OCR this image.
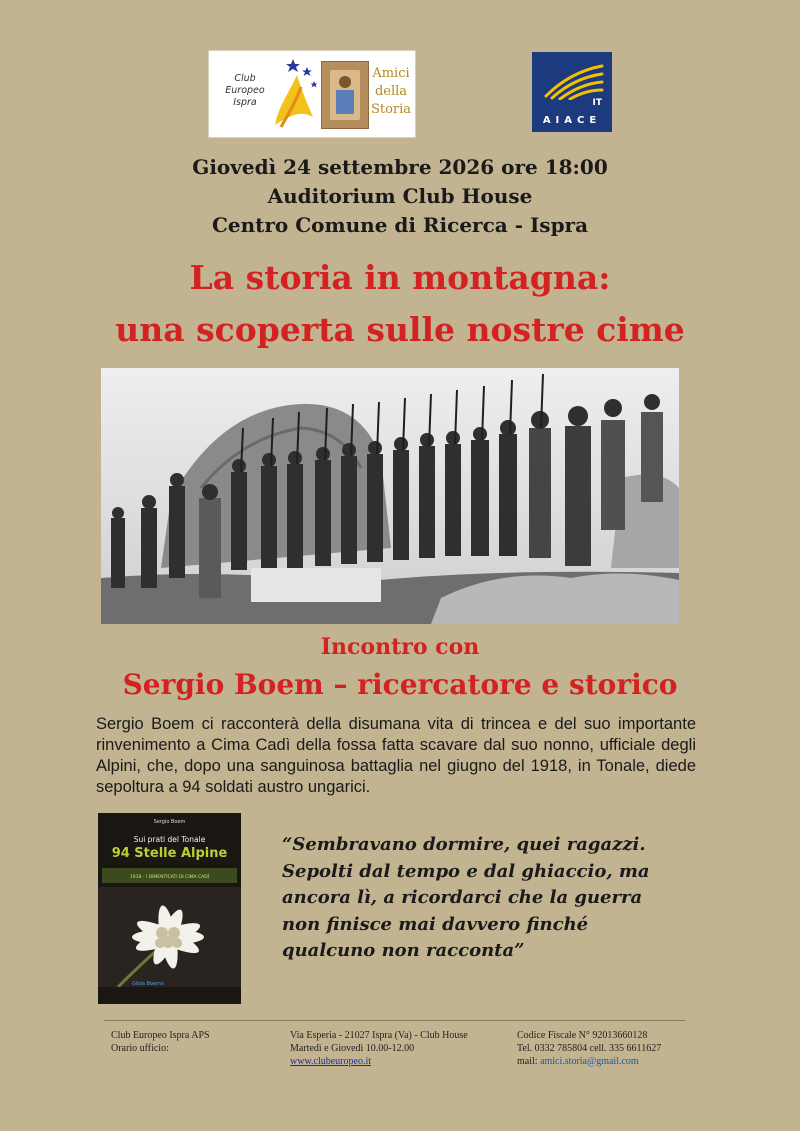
Club Europeo Ispra
Amici
della
Storia	IT
AIACE
Giovedì 24 settembre 2026 ore 18:00
Auditorium Club House
Centro Comune di Ricerca - Ispra
La storia in montagna:
una scoperta sulle nostre cime
Incontro con
Sergio Boem – ricercatore e storico
Sergio Boem ci racconterà della disumana vita di trincea e del suo importante rinvenimento a Cima Cadì della fossa fatta scavare dal suo nonno, ufficiale degli Alpini, che, dopo una sanguinosa battaglia nel giugno del 1918, in Tonale, diede sepoltura a 94 soldati austro ungarici.
Sergio Boem
Sui prati del Tonale
94 Stelle Alpine
1918 - I DIMENTICATI DI CIMA CADÌ
Gilda Boemo
“Sembravano dormire, quei ragazzi. Sepolti dal tempo e dal ghiaccio, ma ancora lì, a ricordarci che la guerra non finisce mai davvero finché qualcuno non racconta”
Club Europeo Ispra APS
Orario ufficio:
Via Esperia - 21027 Ispra (Va) - Club House
Martedì e Giovedì 10.00-12.00
www.clubeuropeo.it
Codice Fiscale N° 92013660128
Tel. 0332 785804 cell. 335 6611627
mail: amici.storia@gmail.com
